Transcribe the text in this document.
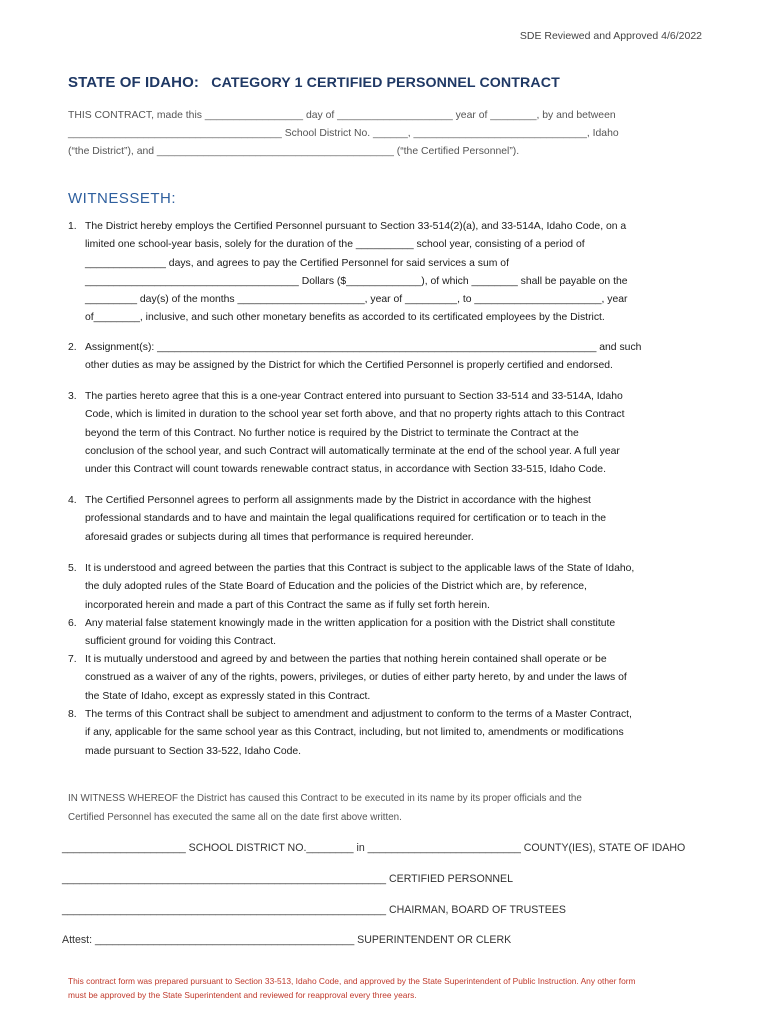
SDE Reviewed and Approved 4/6/2022
STATE OF IDAHO: CATEGORY 1 CERTIFIED PERSONNEL CONTRACT

THIS CONTRACT, made this _________________ day of ____________________ year of ________, by and between

_____________________________________ School District No. ______, ______________________________, Idaho

(“the District”), and _________________________________________ (“the Certified Personnel”).

WITNESSETH:
1. The District hereby employs the Certified Personnel pursuant to Section 33-514(2)(a), and 33-514A, Idaho Code, on a
limited one school-year basis, solely for the duration of the __________ school year, consisting of a period of
______________ days, and agrees to pay the Certified Personnel for said services a sum of
_____________________________________ Dollars ($_____________), of which ________ shall be payable on the
_________ day(s) of the months ______________________, year of _________, to ______________________, year
of________, inclusive, and such other monetary benefits as accorded to its certificated employees by the District.
2. Assignment(s): ____________________________________________________________________________ and such
other duties as may be assigned by the District for which the Certified Personnel is properly certified and endorsed.
3. The parties hereto agree that this is a one-year Contract entered into pursuant to Section 33-514 and 33-514A, Idaho
Code, which is limited in duration to the school year set forth above, and that no property rights attach to this Contract
beyond the term of this Contract. No further notice is required by the District to terminate the Contract at the
conclusion of the school year, and such Contract will automatically terminate at the end of the school year. A full year
under this Contract will count towards renewable contract status, in accordance with Section 33-515, Idaho Code.
4. The Certified Personnel agrees to perform all assignments made by the District in accordance with the highest
professional standards and to have and maintain the legal qualifications required for certification or to teach in the
aforesaid grades or subjects during all times that performance is required hereunder.
5. It is understood and agreed between the parties that this Contract is subject to the applicable laws of the State of Idaho,
the duly adopted rules of the State Board of Education and the policies of the District which are, by reference,
incorporated herein and made a part of this Contract the same as if fully set forth herein.
6. Any material false statement knowingly made in the written application for a position with the District shall constitute
sufficient ground for voiding this Contract.
7. It is mutually understood and agreed by and between the parties that nothing herein contained shall operate or be
construed as a waiver of any of the rights, powers, privileges, or duties of either party hereto, by and under the laws of
the State of Idaho, except as expressly stated in this Contract.
8. The terms of this Contract shall be subject to amendment and adjustment to conform to the terms of a Master Contract,
if any, applicable for the same school year as this Contract, including, but not limited to, amendments or modifications
made pursuant to Section 33-522, Idaho Code.
IN WITNESS WHEREOF the District has caused this Contract to be executed in its name by its proper officials and the
Certified Personnel has executed the same all on the date first above written.
_____________________ SCHOOL DISTRICT NO.________ in __________________________ COUNTY(IES), STATE OF IDAHO
_______________________________________________________ CERTIFIED PERSONNEL
_______________________________________________________ CHAIRMAN, BOARD OF TRUSTEES
Attest: ____________________________________________ SUPERINTENDENT OR CLERK
This contract form was prepared pursuant to Section 33-513, Idaho Code, and approved by the State Superintendent of Public Instruction. Any other form
must be approved by the State Superintendent and reviewed for reapproval every three years.
